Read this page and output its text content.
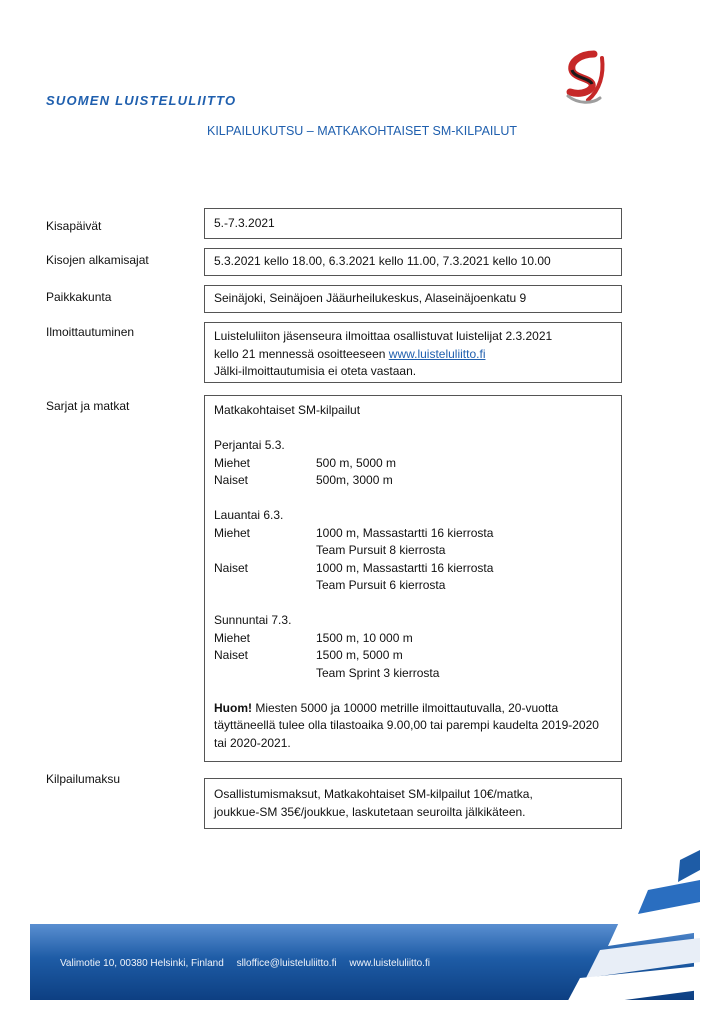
SUOMEN LUISTELULIITTO
KILPAILUKUTSU – MATKAKOHTAISET SM-KILPAILUT
Kisapäivät	5.-7.3.2021

Kisojen alkamisajat	5.3.2021 kello 18.00, 6.3.2021 kello 11.00, 7.3.2021 kello 10.00

Paikkakunta	Seinäjoki, Seinäjoen Jääurheilukeskus, Alaseinäjoenkatu 9

Ilmoittautuminen	Luisteluliiton jäsenseura ilmoittaa osallistuvat luistelijat 2.3.2021

kello 21 mennessä osoitteeseen www.luisteluliitto.fi

Jälki-ilmoittautumisia ei oteta vastaan.

Sarjat ja matkat	Matkakohtaiset SM-kilpailut

Perjantai 5.3.

Miehet	500 m, 5000 m
Naiset	500m, 3000 m

Lauantai 6.3.

Miehet	1000 m, Massastartti 16 kierrosta
Team Pursuit 8 kierrosta
Naiset	1000 m, Massastartti 16 kierrosta
Team Pursuit 6 kierrosta

Sunnuntai 7.3.

Miehet	1500 m, 10 000 m
Naiset	1500 m, 5000 m
Team Sprint 3 kierrosta

Huom! Miesten 5000 ja 10000 metrille ilmoittautuvalla, 20-vuotta täyttäneellä tulee olla tilastoaika 9.00,00 tai parempi kaudelta 2019-2020 tai 2020-2021.

Kilpailumaksu

Osallistumismaksut, Matkakohtaiset SM-kilpailut 10€/matka,

joukkue-SM 35€/joukkue, laskutetaan seuroilta jälkikäteen.

Valimotie 10, 00380 Helsinki, Finland slloffice@luisteluliitto.fi www.luisteluliitto.fi
